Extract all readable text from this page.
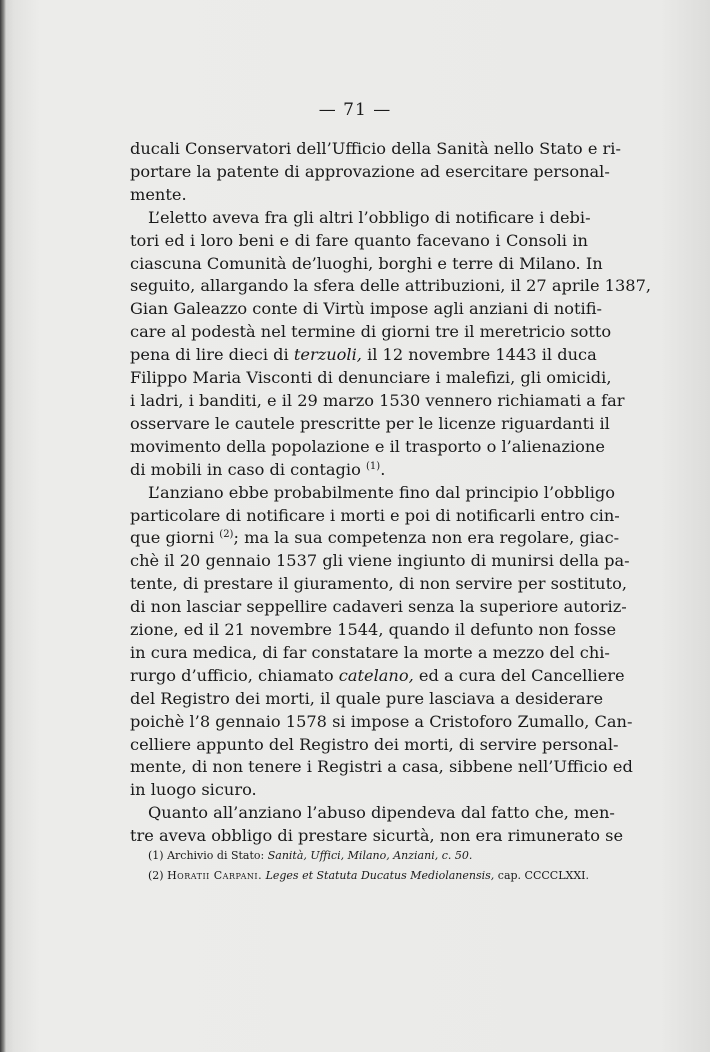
— 71 —
ducali Conservatori dell’Ufficio della Sanità nello Stato e ri-
portare la patente di approvazione ad esercitare personal-
mente.
L’eletto aveva fra gli altri l’obbligo di notificare i debi-
tori ed i loro beni e di fare quanto facevano i Consoli in
ciascuna Comunità de’luoghi, borghi e terre di Milano. In
seguito, allargando la sfera delle attribuzioni, il 27 aprile 1387,
Gian Galeazzo conte di Virtù impose agli anziani di notifi-
care al podestà nel termine di giorni tre il meretricio sotto
pena di lire dieci di terzuoli, il 12 novembre 1443 il duca
Filippo Maria Visconti di denunciare i malefizi, gli omicidi,
i ladri, i banditi, e il 29 marzo 1530 vennero richiamati a far
osservare le cautele prescritte per le licenze riguardanti il
movimento della popolazione e il trasporto o l’alienazione
di mobili in caso di contagio $^{(1)}$.
L’anziano ebbe probabilmente fino dal principio l’obbligo
particolare di notificare i morti e poi di notificarli entro cin-
que giorni $^{(2)}$; ma la sua competenza non era regolare, giac-
chè il 20 gennaio 1537 gli viene ingiunto di munirsi della pa-
tente, di prestare il giuramento, di non servire per sostituto,
di non lasciar seppellire cadaveri senza la superiore autoriz-
zione, ed il 21 novembre 1544, quando il defunto non fosse
in cura medica, di far constatare la morte a mezzo del chi-
rurgo d’ufficio, chiamato catelano, ed a cura del Cancelliere
del Registro dei morti, il quale pure lasciava a desiderare
poichè l’8 gennaio 1578 si impose a Cristoforo Zumallo, Can-
celliere appunto del Registro dei morti, di servire personal-
mente, di non tenere i Registri a casa, sibbene nell’Ufficio ed
in luogo sicuro.
Quanto all’anziano l’abuso dipendeva dal fatto che, men-
tre aveva obbligo di prestare sicurtà, non era rimunerato se
(1) Archivio di Stato: Sanità, Uffici, Milano, Anziani, c. 50.
(2) Horatii Carpani. Leges et Statuta Ducatus Mediolanensis, cap. CCCCLXXI.
